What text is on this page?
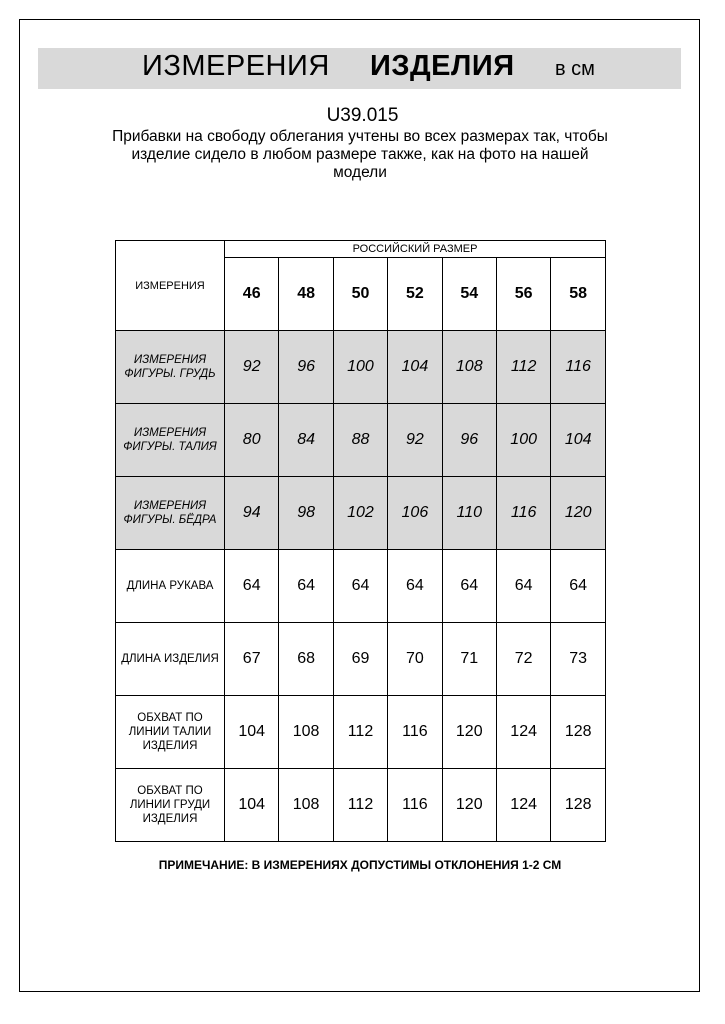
ИЗМЕРЕНИЯ ИЗДЕЛИЯ в см
U39.015
Прибавки на свободу облегания учтены во всех размерах так, чтобы изделие сидело в любом размере также, как на фото на нашей модели
ИЗМЕРЕНИЯ	РОССИЙСКИЙ РАЗМЕР						
	46	48	50	52	54	56	58
ИЗМЕРЕНИЯ ФИГУРЫ. ГРУДЬ	92	96	100	104	108	112	116
ИЗМЕРЕНИЯ ФИГУРЫ. ТАЛИЯ	80	84	88	92	96	100	104
ИЗМЕРЕНИЯ ФИГУРЫ. БЁДРА	94	98	102	106	110	116	120
ДЛИНА РУКАВА	64	64	64	64	64	64	64
ДЛИНА ИЗДЕЛИЯ	67	68	69	70	71	72	73
ОБХВАТ ПО ЛИНИИ ТАЛИИ ИЗДЕЛИЯ	104	108	112	116	120	124	128
ОБХВАТ ПО ЛИНИИ ГРУДИ ИЗДЕЛИЯ	104	108	112	116	120	124	128
ПРИМЕЧАНИЕ: В ИЗМЕРЕНИЯХ ДОПУСТИМЫ ОТКЛОНЕНИЯ 1-2 СМ
